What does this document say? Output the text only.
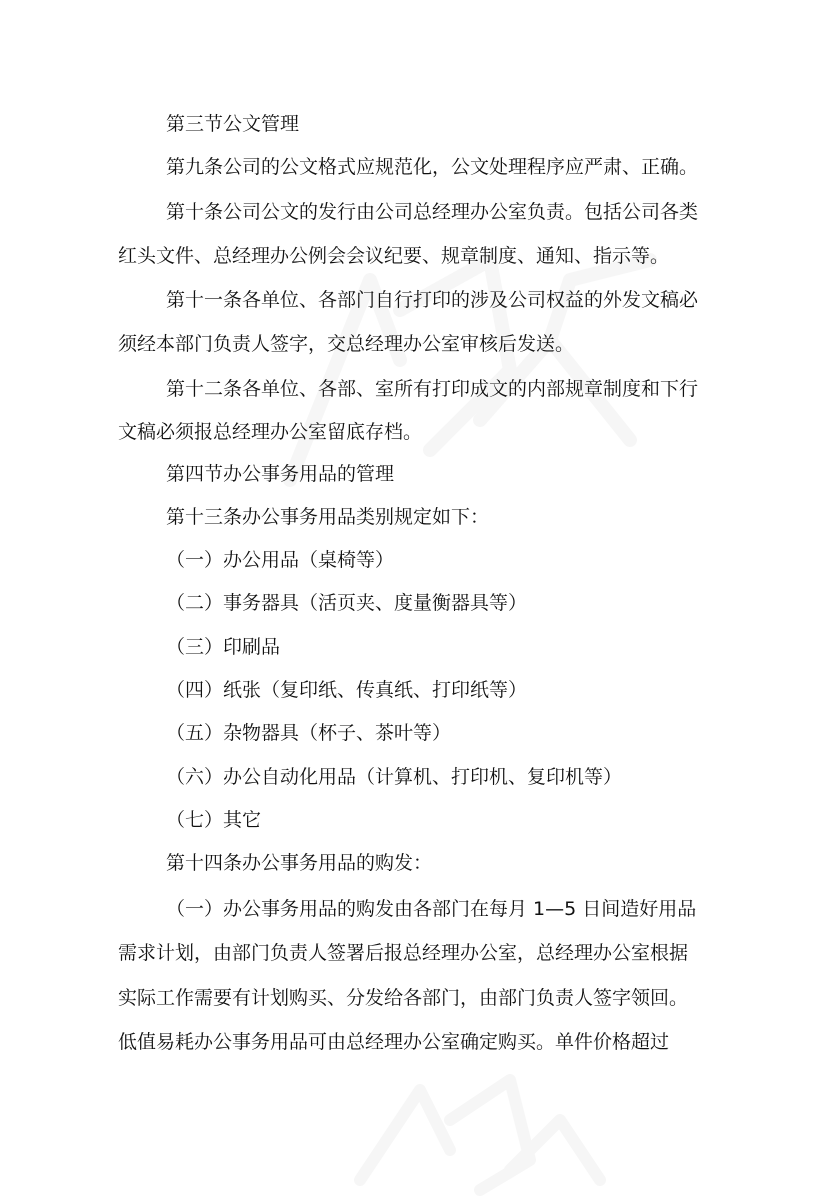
第三节公文管理
第九条公司的公文格式应规范化，公文处理程序应严肃、正确。
第十条公司公文的发行由公司总经理办公室负责。包括公司各类
红头文件、总经理办公例会会议纪要、规章制度、通知、指示等。
第十一条各单位、各部门自行打印的涉及公司权益的外发文稿必
须经本部门负责人签字，交总经理办公室审核后发送。
第十二条各单位、各部、室所有打印成文的内部规章制度和下行
文稿必须报总经理办公室留底存档。
第四节办公事务用品的管理
第十三条办公事务用品类别规定如下：
（一）办公用品（桌椅等）
（二）事务器具（活页夹、度量衡器具等）
（三）印刷品
（四）纸张（复印纸、传真纸、打印纸等）
（五）杂物器具（杯子、茶叶等）
（六）办公自动化用品（计算机、打印机、复印机等）
（七）其它
第十四条办公事务用品的购发：
（一）办公事务用品的购发由各部门在每月 1—5 日间造好用品
需求计划，由部门负责人签署后报总经理办公室，总经理办公室根据
实际工作需要有计划购买、分发给各部门，由部门负责人签字领回。
低值易耗办公事务用品可由总经理办公室确定购买。单件价格超过
